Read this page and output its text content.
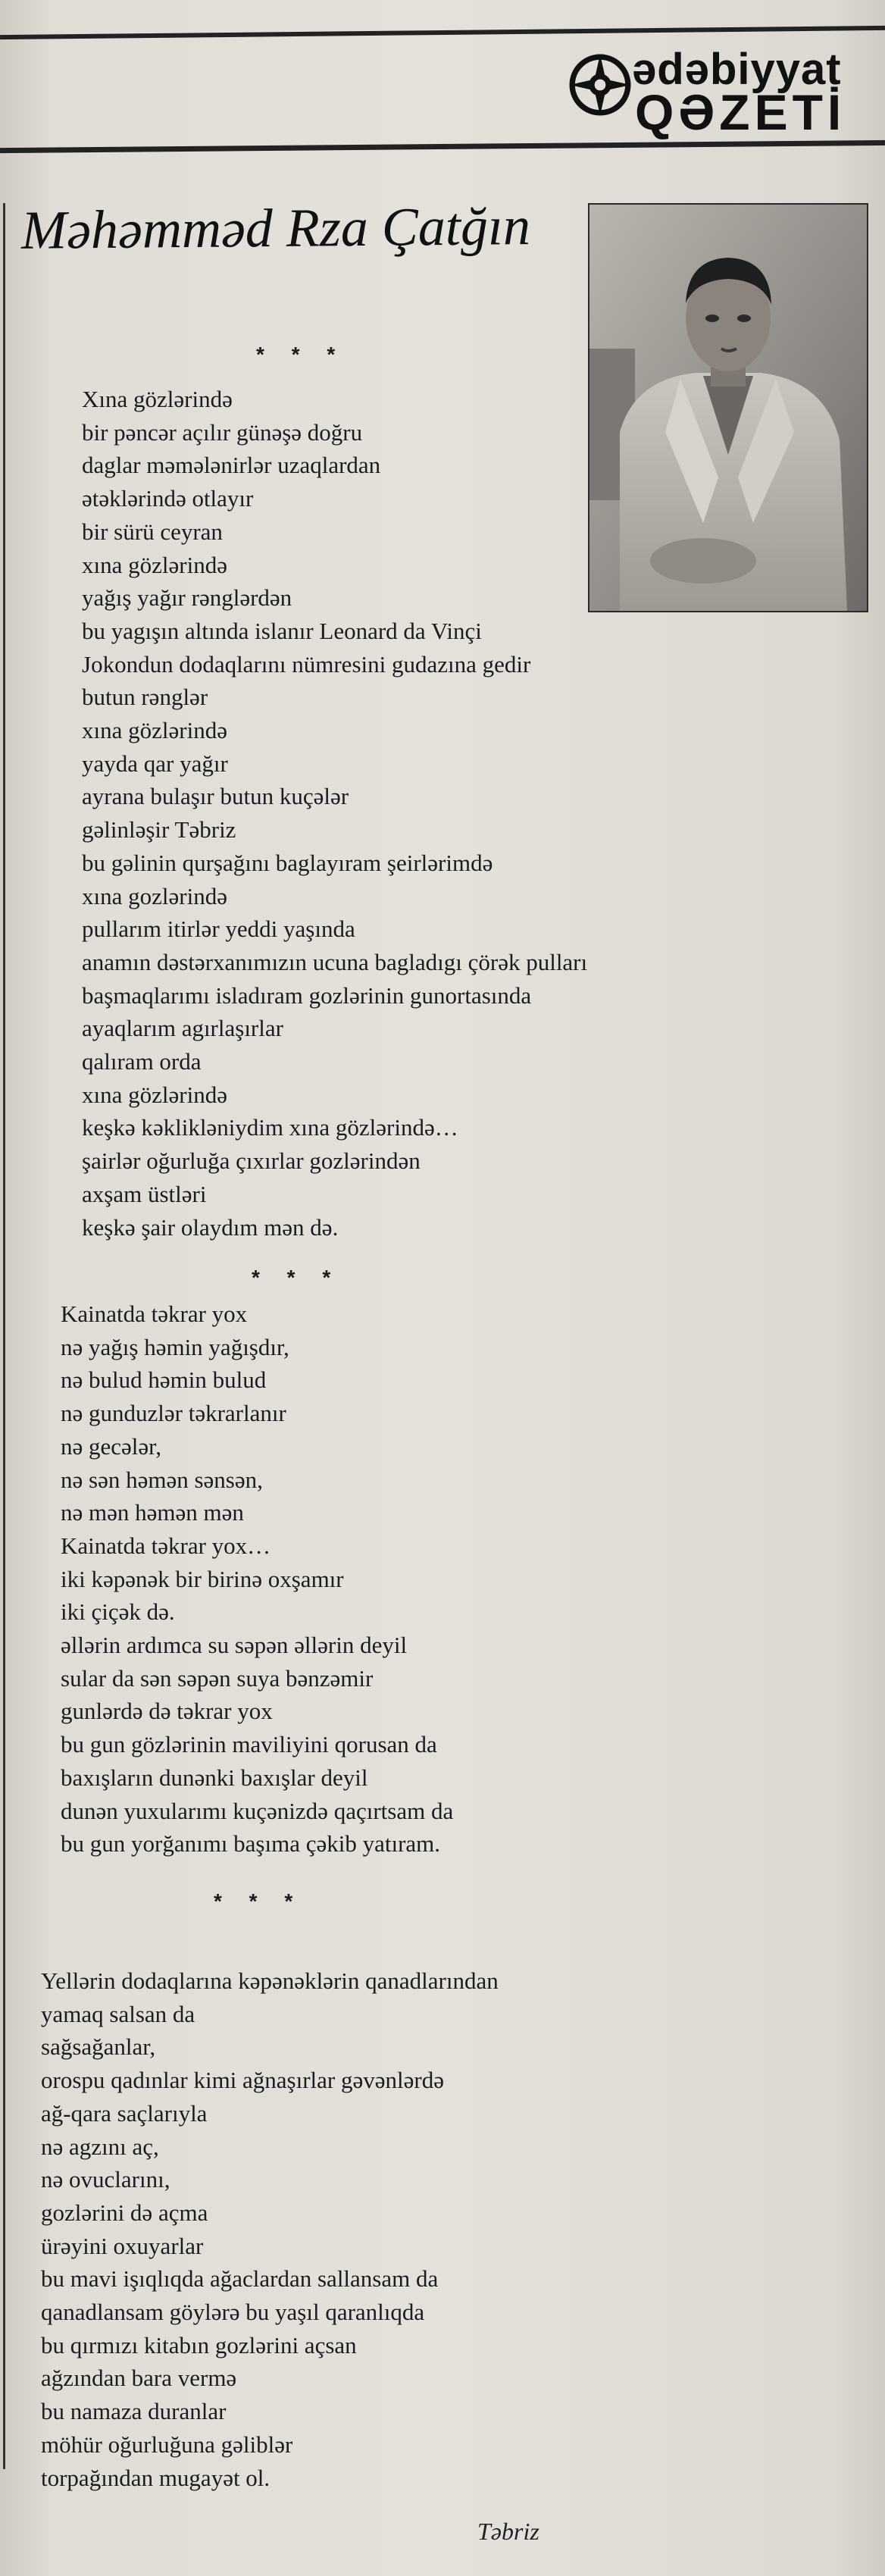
ədəbiyyat
QƏZETİ
Məhəmməd Rza Çatğın
* * *
Xına gözlərində
bir pəncər açılır günəşə doğru
daglar məmələnirlər uzaqlardan
ətəklərində otlayır
bir sürü ceyran
xına gözlərində
yağış yağır rənglərdən
bu yagışın altında islanır Leonard da Vinçi
Jokondun dodaqlarını nümresini gudazına gedir
butun rənglər
xına gözlərində
yayda qar yağır
ayrana bulaşır butun kuçələr
gəlinləşir Təbriz
bu gəlinin qurşağını baglayıram şeirlərimdə
xına gozlərində
pullarım itirlər yeddi yaşında
anamın dəstərxanımızın ucuna bagladıgı çörək pulları
başmaqlarımı isladıram gozlərinin gunortasında
ayaqlarım agırlaşırlar
qalıram orda
xına gözlərində
keşkə kəklikləniydim xına gözlərində…
şairlər oğurluğa çıxırlar gozlərindən
axşam üstləri
keşkə şair olaydım mən də.
* * *
Kainatda təkrar yox
nə yağış həmin yağışdır,
nə bulud həmin bulud
nə gunduzlər təkrarlanır
nə gecələr,
nə sən həmən sənsən,
nə mən həmən mən
Kainatda təkrar yox…
iki kəpənək bir birinə oxşamır
iki çiçək də.
əllərin ardımca su səpən əllərin deyil
sular da sən səpən suya bənzəmir
gunlərdə də təkrar yox
bu gun gözlərinin maviliyini qorusan da
baxışların dunənki baxışlar deyil
dunən yuxularımı kuçənizdə qaçırtsam da
bu gun yorğanımı başıma çəkib yatıram.
* * *
Yellərin dodaqlarına kəpənəklərin qanadlarından
yamaq salsan da
sağsağanlar,
orospu qadınlar kimi ağnaşırlar gəvənlərdə
ağ-qara saçlarıyla
nə agzını aç,
nə ovuclarını,
gozlərini də açma
ürəyini oxuyarlar
bu mavi işıqlıqda ağaclardan sallansam da
qanadlansam göylərə bu yaşıl qaranlıqda
bu qırmızı kitabın gozlərini açsan
ağzından bara vermə
bu namaza duranlar
möhür oğurluğuna gəliblər
torpağından mugayət ol.
Təbriz
